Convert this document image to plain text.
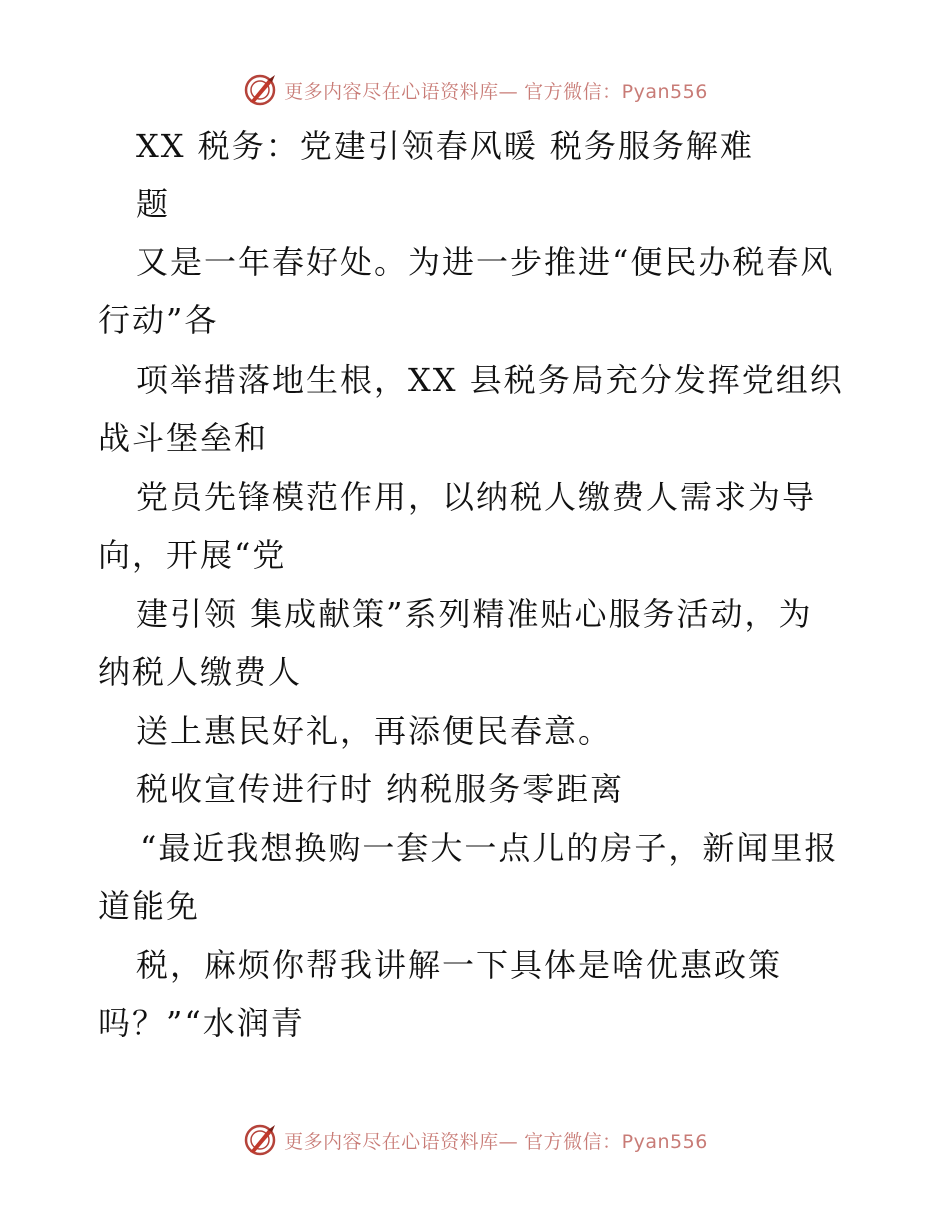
更多内容尽在心语资料库— 官方微信：Pyan556
XX 税务：党建引领春风暖 税务服务解难
题
又是一年春好处。为进一步推进“便民办税春风
行动”各
项举措落地生根，XX 县税务局充分发挥党组织
战斗堡垒和
党员先锋模范作用，以纳税人缴费人需求为导
向，开展“党
建引领 集成献策”系列精准贴心服务活动，为
纳税人缴费人
送上惠民好礼，再添便民春意。
税收宣传进行时 纳税服务零距离
“最近我想换购一套大一点儿的房子，新闻里报
道能免
税，麻烦你帮我讲解一下具体是啥优惠政策
吗？”“水润青
更多内容尽在心语资料库— 官方微信：Pyan556
